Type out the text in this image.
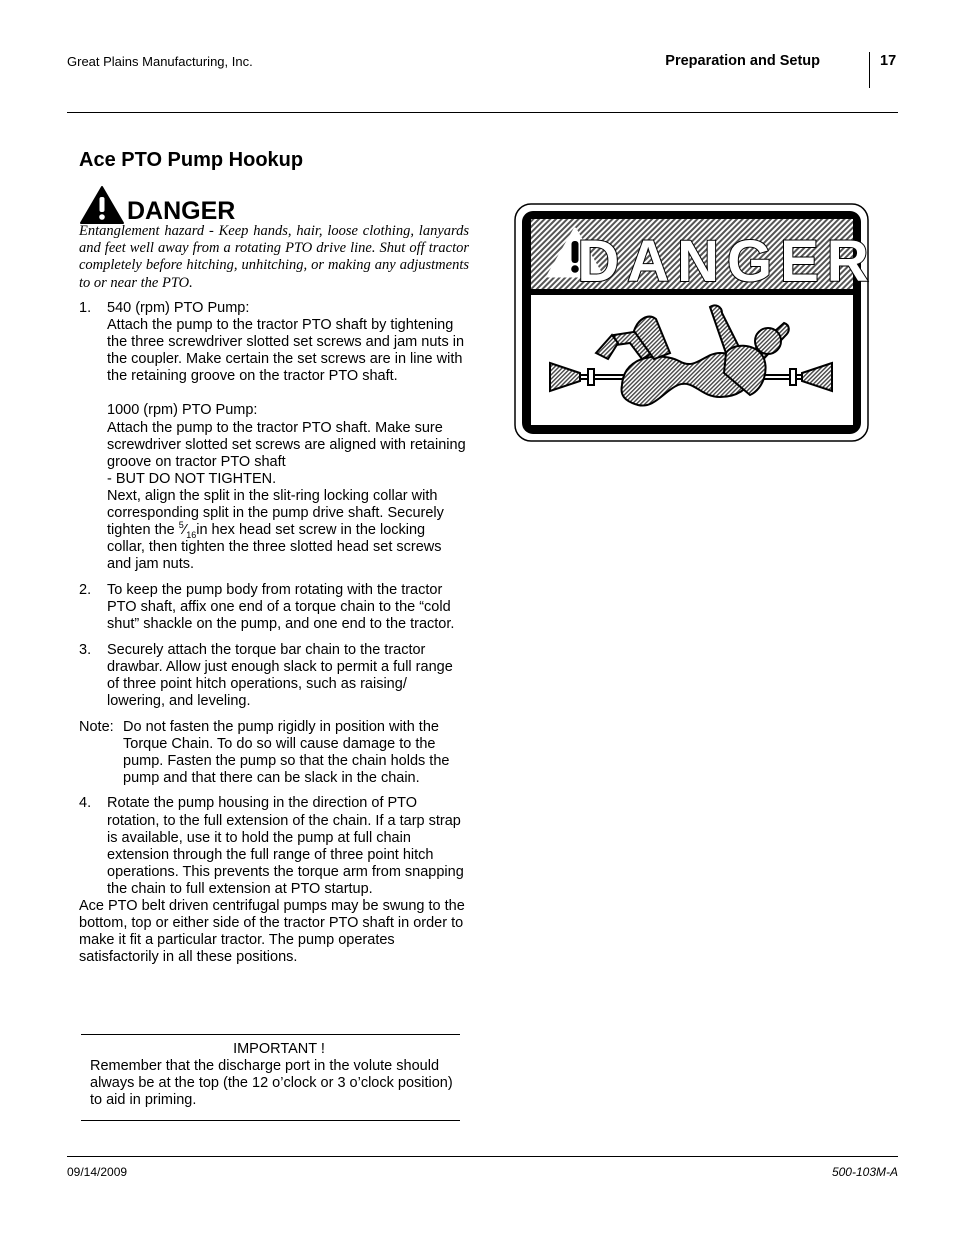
Great Plains Manufacturing, Inc.	Preparation and Setup	17
Ace PTO Pump Hookup
DANGER

Entanglement hazard - Keep hands, hair, loose clothing, lanyards and feet well away from a rotating PTO drive line. Shut off tractor completely before hitching, unhitching, or making any adjustments to or near the PTO.

1. 540 (rpm) PTO Pump:

Attach the pump to the tractor PTO shaft by tightening the three screwdriver slotted set screws and jam nuts in the coupler. Make certain the set screws are in line with the retaining groove on the tractor PTO shaft.

1000 (rpm) PTO Pump:

Attach the pump to the tractor PTO shaft. Make sure screwdriver slotted set screws are aligned with retaining groove on tractor PTO shaft

- BUT DO NOT TIGHTEN.

Next, align the split in the slit-ring locking collar with corresponding split in the pump drive shaft. Securely tighten the $^5⁄_{16}in$ hex head set screw in the locking collar, then tighten the three slotted head set screws and jam nuts.

2. To keep the pump body from rotating with the tractor PTO shaft, affix one end of a torque chain to the “cold shut” shackle on the pump, and one end to the tractor.

3. Securely attach the torque bar chain to the tractor drawbar. Allow just enough slack to permit a full range of three point hitch operations, such as raising/ lowering, and leveling.

Note: Do not fasten the pump rigidly in position with the Torque Chain. To do so will cause damage to the pump. Fasten the pump so that the chain holds the pump and that there can be slack in the chain.

4. Rotate the pump housing in the direction of PTO rotation, to the full extension of the chain. If a tarp strap is available, use it to hold the pump at full chain extension through the full range of three point hitch operations. This prevents the torque arm from snapping the chain to full extension at PTO startup.

Ace PTO belt driven centrifugal pumps may be swung to the bottom, top or either side of the tractor PTO shaft in order to make it fit a particular tractor. The pump operates satisfactorily in all these positions.

IMPORTANT !

Remember that the discharge port in the volute should always be at the top (the 12 o’clock or 3 o’clock position) to aid in priming.

DANGER
09/14/2009	500-103M-A
